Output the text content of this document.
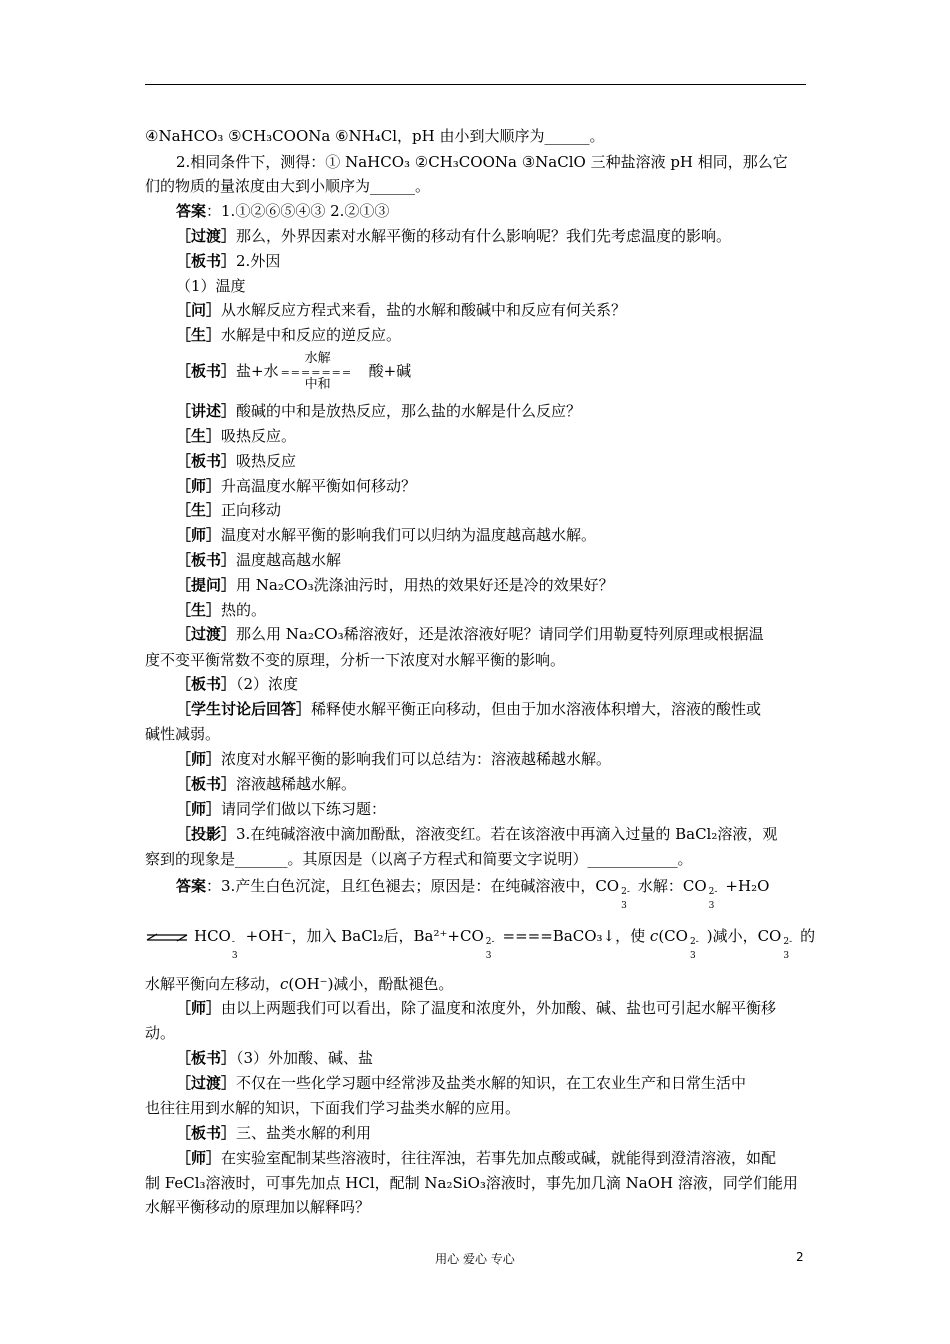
④NaHCO₃ ⑤CH₃COONa ⑥NH₄Cl，pH 由小到大顺序为______。
2.相同条件下，测得：① NaHCO₃ ②CH₃COONa ③NaClO 三种盐溶液 pH 相同，那么它
们的物质的量浓度由大到小顺序为______。
答案：1.①②⑥⑤④③ 2.②①③
［过渡］那么，外界因素对水解平衡的移动有什么影响呢？我们先考虑温度的影响。
［板书］2.外因
（1）温度
［问］从水解反应方程式来看，盐的水解和酸碱中和反应有何关系？
［生］水解是中和反应的逆反应。
［板书］盐+水
水解
=======
中和
酸+碱
［讲述］酸碱的中和是放热反应，那么盐的水解是什么反应？
［生］吸热反应。
［板书］吸热反应
［师］升高温度水解平衡如何移动？
［生］正向移动
［师］温度对水解平衡的影响我们可以归纳为温度越高越水解。
［板书］温度越高越水解
［提问］用 Na₂CO₃洗涤油污时，用热的效果好还是冷的效果好？
［生］热的。
［过渡］那么用 Na₂CO₃稀溶液好，还是浓溶液好呢？请同学们用勒夏特列原理或根据温
度不变平衡常数不变的原理，分析一下浓度对水解平衡的影响。
［板书］（2）浓度
［学生讨论后回答］稀释使水解平衡正向移动，但由于加水溶液体积增大，溶液的酸性或
碱性减弱。
［师］浓度对水解平衡的影响我们可以总结为：溶液越稀越水解。
［板书］溶液越稀越水解。
［师］请同学们做以下练习题：
［投影］3.在纯碱溶液中滴加酚酞，溶液变红。若在该溶液中再滴入过量的 BaCl₂溶液，观
察到的现象是_______。其原因是（以离子方程式和简要文字说明）____________。
答案：3.产生白色沉淀，且红色褪去；原因是：在纯碱溶液中，CO 2-
3
水解：CO 2-
3
+H₂O
⇌ HCO -
3
+OH⁻，加入 BaCl₂后，Ba²⁺+CO 2-
3
====BaCO₃↓，使 c(CO 2-
3
)减小，CO 2-
3
的
水解平衡向左移动，c(OH⁻)减小，酚酞褪色。
［师］由以上两题我们可以看出，除了温度和浓度外，外加酸、碱、盐也可引起水解平衡移
动。
［板书］（3）外加酸、碱、盐
［过渡］不仅在一些化学习题中经常涉及盐类水解的知识，在工农业生产和日常生活中
也往往用到水解的知识，下面我们学习盐类水解的应用。
［板书］三、盐类水解的利用
［师］在实验室配制某些溶液时，往往浑浊，若事先加点酸或碱，就能得到澄清溶液，如配
制 FeCl₃溶液时，可事先加点 HCl，配制 Na₂SiO₃溶液时，事先加几滴 NaOH 溶液，同学们能用
水解平衡移动的原理加以解释吗？
用心 爱心 专心	2
